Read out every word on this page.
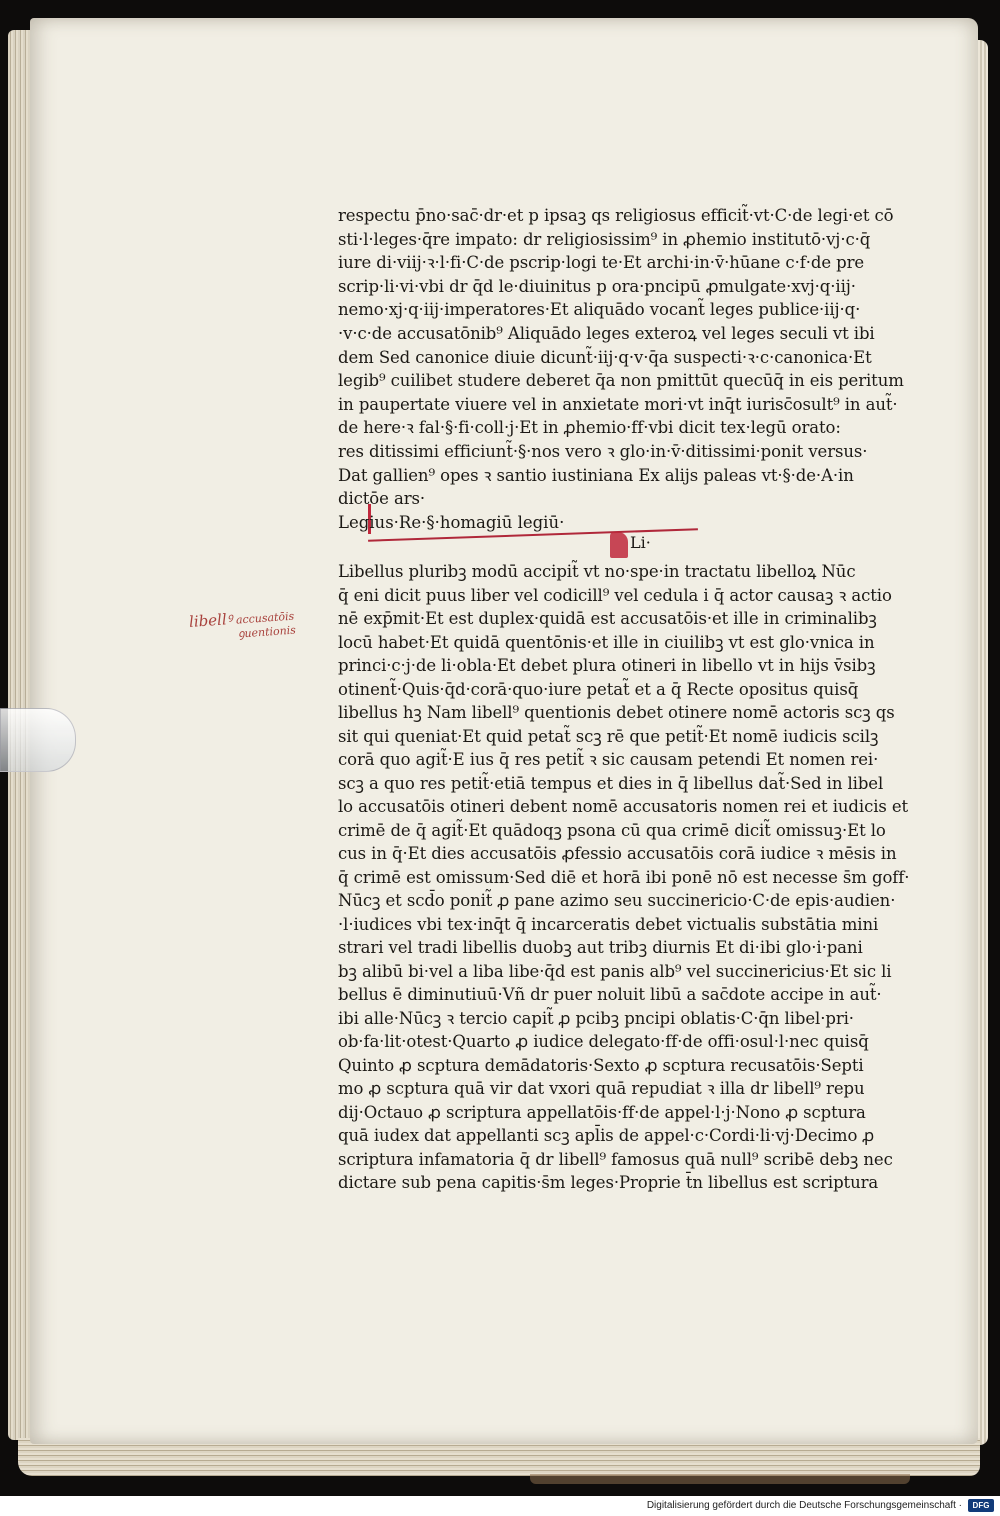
Legius·Re·§·homagiū legiū·
Li·
respectu p̄no·sac̄·dr·et p ipsaꝫ qs religiosus efficit̃·vt·C·de legi·et cō
sti·l·leges·q̄re impato: dr religiosissim⁹ in ꝓhemio institutō·vj·c·q̄
iure di·viij·ꝛ·l·fi·C·de pscrip·logi te·Et archi·in·v̄·hūane c·f·de pre
scrip·li·vi·vbi dr q̄d le·diuinitus p ora·pncipū ꝓmulgate·xvj·q·iij·
nemo·xj·q·iij·imperatores·Et aliquādo vocant̃ leges publice·iij·q·
·v·c·de accusatōnib⁹ Aliquādo leges exteroꝝ vel leges seculi vt ibi
dem Sed canonice diuie dicunt̃·iij·q·v·q̄a suspecti·ꝛ·c·canonica·Et
legib⁹ cuilibet studere deberet q̄a non pmittūt quecūq̄ in eis peritum
in paupertate viuere vel in anxietate mori·vt inq̄t iurisc̄osult⁹ in aut̃·
de here·ꝛ fal·§·fi·coll·j·Et in ꝓhemio·ff·vbi dicit tex·legū orato:
res ditissimi efficiunt̃·§·nos vero ꝛ glo·in·v̄·ditissimi·ponit versus·
Dat gallien⁹ opes ꝛ santio iustiniana Ex alijs paleas vt·§·de·A·in
dictōe ars·
Libellus pluribꝫ modū accipit̃ vt no·spe·in tractatu libelloꝝ Nūc
q̄ eni dicit puus liber vel codicill⁹ vel cedula i q̄ actor causaꝫ ꝛ actio
nē exp̄mit·Et est duplex·quidā est accusatōis·et ille in criminalibꝫ
locū habet·Et quidā quentōnis·et ille in ciuilibꝫ vt est glo·vnica in
princi·c·j·de li·obla·Et debet plura otineri in libello vt in hijs v̄sibꝫ
otinent̃·Quis·q̄d·corā·quo·iure petat̃ et a q̄ Recte opositus quisq̄
libellus hꝫ Nam libell⁹ quentionis debet otinere nomē actoris scꝫ qs
sit qui queniat·Et quid petat̃ scꝫ rē que petit̃·Et nomē iudicis scilꝫ
corā quo agit̃·E ius q̄ res petit̃ ꝛ sic causam petendi Et nomen rei·
scꝫ a quo res petit̃·etiā tempus et dies in q̄ libellus dat̃·Sed in libel
lo accusatōis otineri debent nomē accusatoris nomen rei et iudicis et
crimē de q̄ agit̃·Et quādoqꝫ psona cū qua crimē dicit̃ omissuꝫ·Et lo
cus in q̄·Et dies accusatōis ꝓfessio accusatōis corā iudice ꝛ mēsis in
q̄ crimē est omissum·Sed diē et horā ibi ponē nō est necesse s̄m goff·
Nūcꝫ et scd̄o ponit̃ ꝓ pane azimo seu succinericio·C·de epis·audien·
·l·iudices vbi tex·inq̄t q̄ incarceratis debet victualis substātia mini
strari vel tradi libellis duobꝫ aut tribꝫ diurnis Et di·ibi glo·i·pani
bꝫ alibū bi·vel a liba libe·q̄d est panis alb⁹ vel succinericius·Et sic li
bellus ē diminutiuū·Vñ dr puer noluit libū a sac̄dote accipe in aut̃·
ibi alle·Nūcꝫ ꝛ tercio capit̃ ꝓ pcibꝫ pncipi oblatis·C·q̄n libel·pri·
ob·fa·lit·otest·Quarto ꝓ iudice delegato·ff·de offi·osul·l·nec quisq̄
Quinto ꝓ scptura demādatoris·Sexto ꝓ scptura recusatōis·Septi
mo ꝓ scptura quā vir dat vxori quā repudiat ꝛ illa dr libell⁹ repu
dij·Octauo ꝓ scriptura appellatōis·ff·de appel·l·j·Nono ꝓ scptura
quā iudex dat appellanti scꝫ apl̄is de appel·c·Cordi·li·vj·Decimo ꝓ
scriptura infamatoria q̄ dr libell⁹ famosus quā null⁹ scribē debꝫ nec
dictare sub pena capitis·s̄m leges·Proprie t̄n libellus est scriptura
libellꝰ accusatōis
ꝯuentionis
Digitalisierung gefördert durch die Deutsche Forschungsgemeinschaft ·	DFG
